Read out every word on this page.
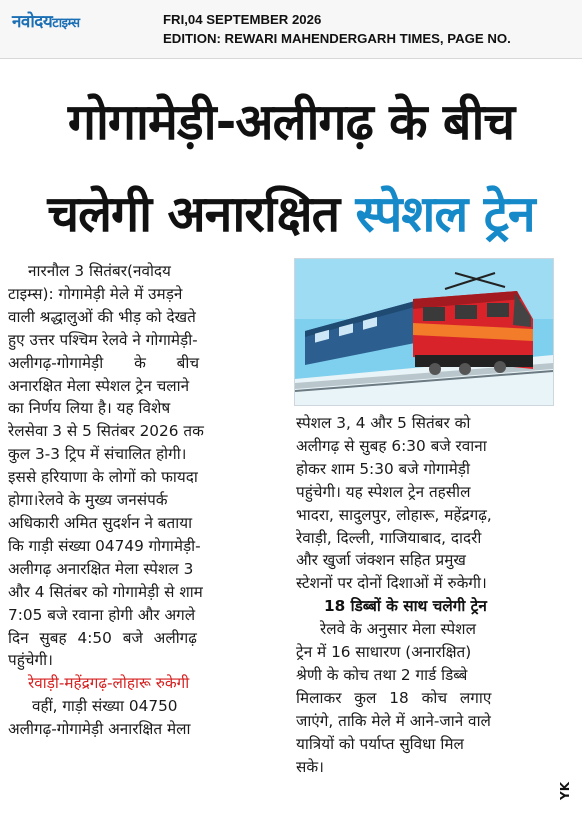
नवोदयटाइम्स	FRI,04 SEPTEMBER 2026
EDITION: REWARI MAHENDERGARH TIMES, PAGE NO.
गोगामेड़ी-अलीगढ़ के बीच
चलेगी अनारक्षित स्पेशल ट्रेन
नारनौल 3 सितंबर(नवोदय
टाइम्स): गोगामेड़ी मेले में उमड़ने
वाली श्रद्धालुओं की भीड़ को देखते
हुए उत्तर पश्चिम रेलवे ने गोगामेड़ी-
अलीगढ़-गोगामेड़ी के बीच
अनारक्षित मेला स्पेशल ट्रेन चलाने
का निर्णय लिया है। यह विशेष
रेलसेवा 3 से 5 सितंबर 2026 तक
कुल 3-3 ट्रिप में संचालित होगी।
इससे हरियाणा के लोगों को फायदा
होगा।रेलवे के मुख्य जनसंपर्क
अधिकारी अमित सुदर्शन ने बताया
कि गाड़ी संख्या 04749 गोगामेड़ी-
अलीगढ़ अनारक्षित मेला स्पेशल 3
और 4 सितंबर को गोगामेड़ी से शाम
7:05 बजे रवाना होगी और अगले
दिन सुबह 4:50 बजे अलीगढ़
पहुंचेगी।
रेवाड़ी-महेंद्रगढ़-लोहारू रुकेगी
वहीं, गाड़ी संख्या 04750
अलीगढ़-गोगामेड़ी अनारक्षित मेला
स्पेशल 3, 4 और 5 सितंबर को
अलीगढ़ से सुबह 6:30 बजे रवाना
होकर शाम 5:30 बजे गोगामेड़ी
पहुंचेगी। यह स्पेशल ट्रेन तहसील
भादरा, सादुलपुर, लोहारू, महेंद्रगढ़,
रेवाड़ी, दिल्ली, गाजियाबाद, दादरी
और खुर्जा जंक्शन सहित प्रमुख
स्टेशनों पर दोनों दिशाओं में रुकेगी।
18 डिब्बों के साथ चलेगी ट्रेन
रेलवे के अनुसार मेला स्पेशल
ट्रेन में 16 साधारण (अनारक्षित)
श्रेणी के कोच तथा 2 गार्ड डिब्बे
मिलाकर कुल 18 कोच लगाए
जाएंगे, ताकि मेले में आने-जाने वाले
यात्रियों को पर्याप्त सुविधा मिल
सके।
YK
